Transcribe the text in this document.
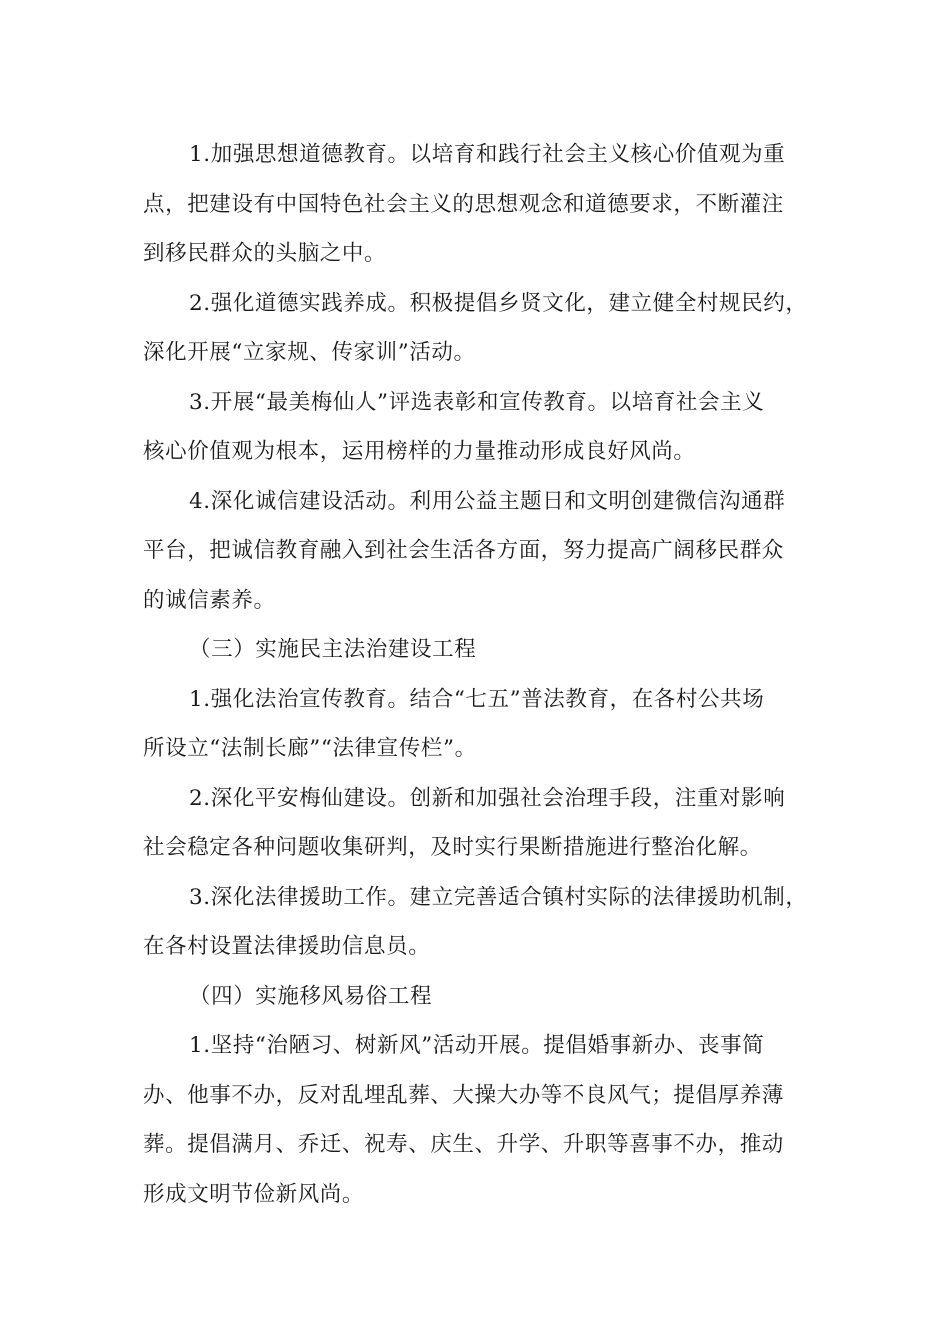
1.加强思想道德教育。以培育和践行社会主义核心价值观为重
点，把建设有中国特色社会主义的思想观念和道德要求，不断灌注
到移民群众的头脑之中。

2.强化道德实践养成。积极提倡乡贤文化，建立健全村规民约，
深化开展“立家规、传家训”活动。

3.开展“最美梅仙人”评选表彰和宣传教育。以培育社会主义
核心价值观为根本，运用榜样的力量推动形成良好风尚。

4.深化诚信建设活动。利用公益主题日和文明创建微信沟通群
平台，把诚信教育融入到社会生活各方面，努力提高广阔移民群众
的诚信素养。

（三）实施民主法治建设工程

1.强化法治宣传教育。结合“七五”普法教育，在各村公共场
所设立“法制长廊”“法律宣传栏”。

2.深化平安梅仙建设。创新和加强社会治理手段，注重对影响
社会稳定各种问题收集研判，及时实行果断措施进行整治化解。

3.深化法律援助工作。建立完善适合镇村实际的法律援助机制，
在各村设置法律援助信息员。

（四）实施移风易俗工程

1.坚持“治陋习、树新风”活动开展。提倡婚事新办、丧事简
办、他事不办，反对乱埋乱葬、大操大办等不良风气；提倡厚养薄
葬。提倡满月、乔迁、祝寿、庆生、升学、升职等喜事不办，推动
形成文明节俭新风尚。
